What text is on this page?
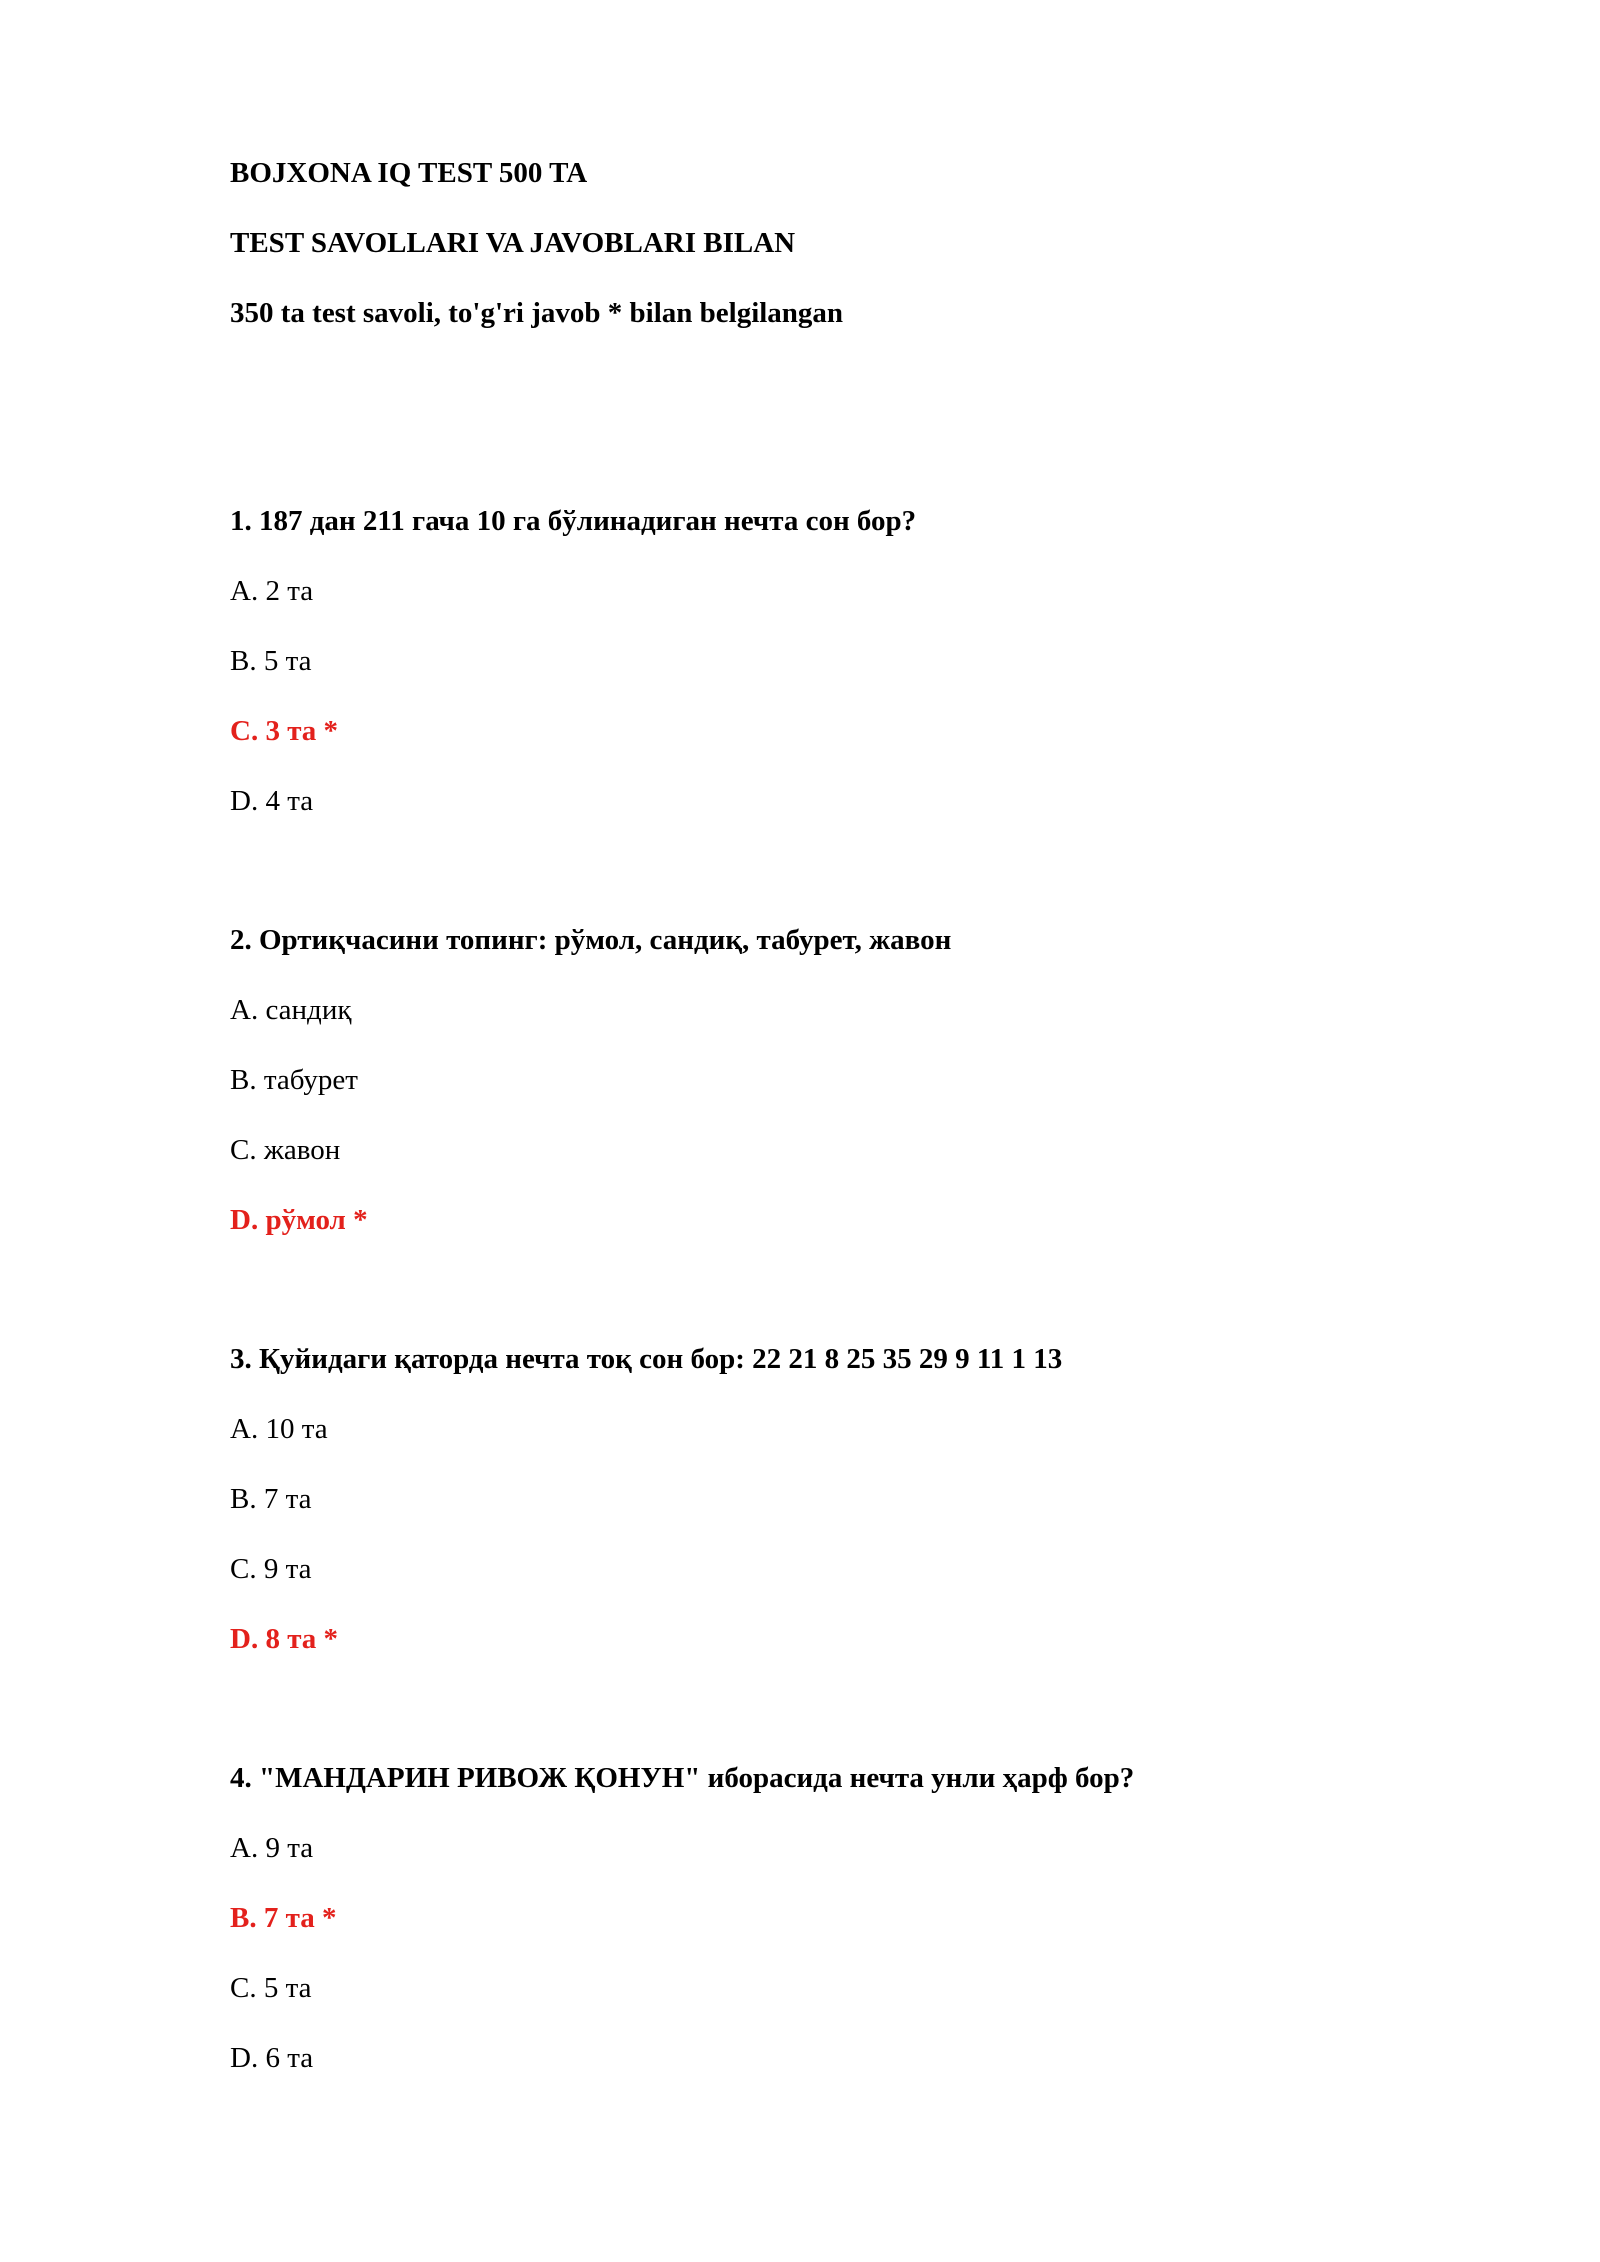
BOJXONA IQ TEST 500 TA
TEST SAVOLLARI VA JAVOBLARI BILAN
350 ta test savoli, to'g'ri javob * bilan belgilangan
1. 187 дан 211 гача 10 га бўлинадиган нечта сон бор?
A. 2 та
B. 5 та
C. 3 та *
D. 4 та
2. Ортиқчасини топинг: рўмол, сандиқ, табурет, жавон
A. сандиқ
B. табурет
C. жавон
D. рўмол *
3. Қуйидаги қаторда нечта тоқ сон бор: 22 21 8 25 35 29 9 11 1 13
A. 10 та
B. 7 та
C. 9 та
D. 8 та *
4. "МАНДАРИН РИВОЖ ҚОНУН" иборасида нечта унли ҳарф бор?
A. 9 та
B. 7 та *
C. 5 та
D. 6 та
